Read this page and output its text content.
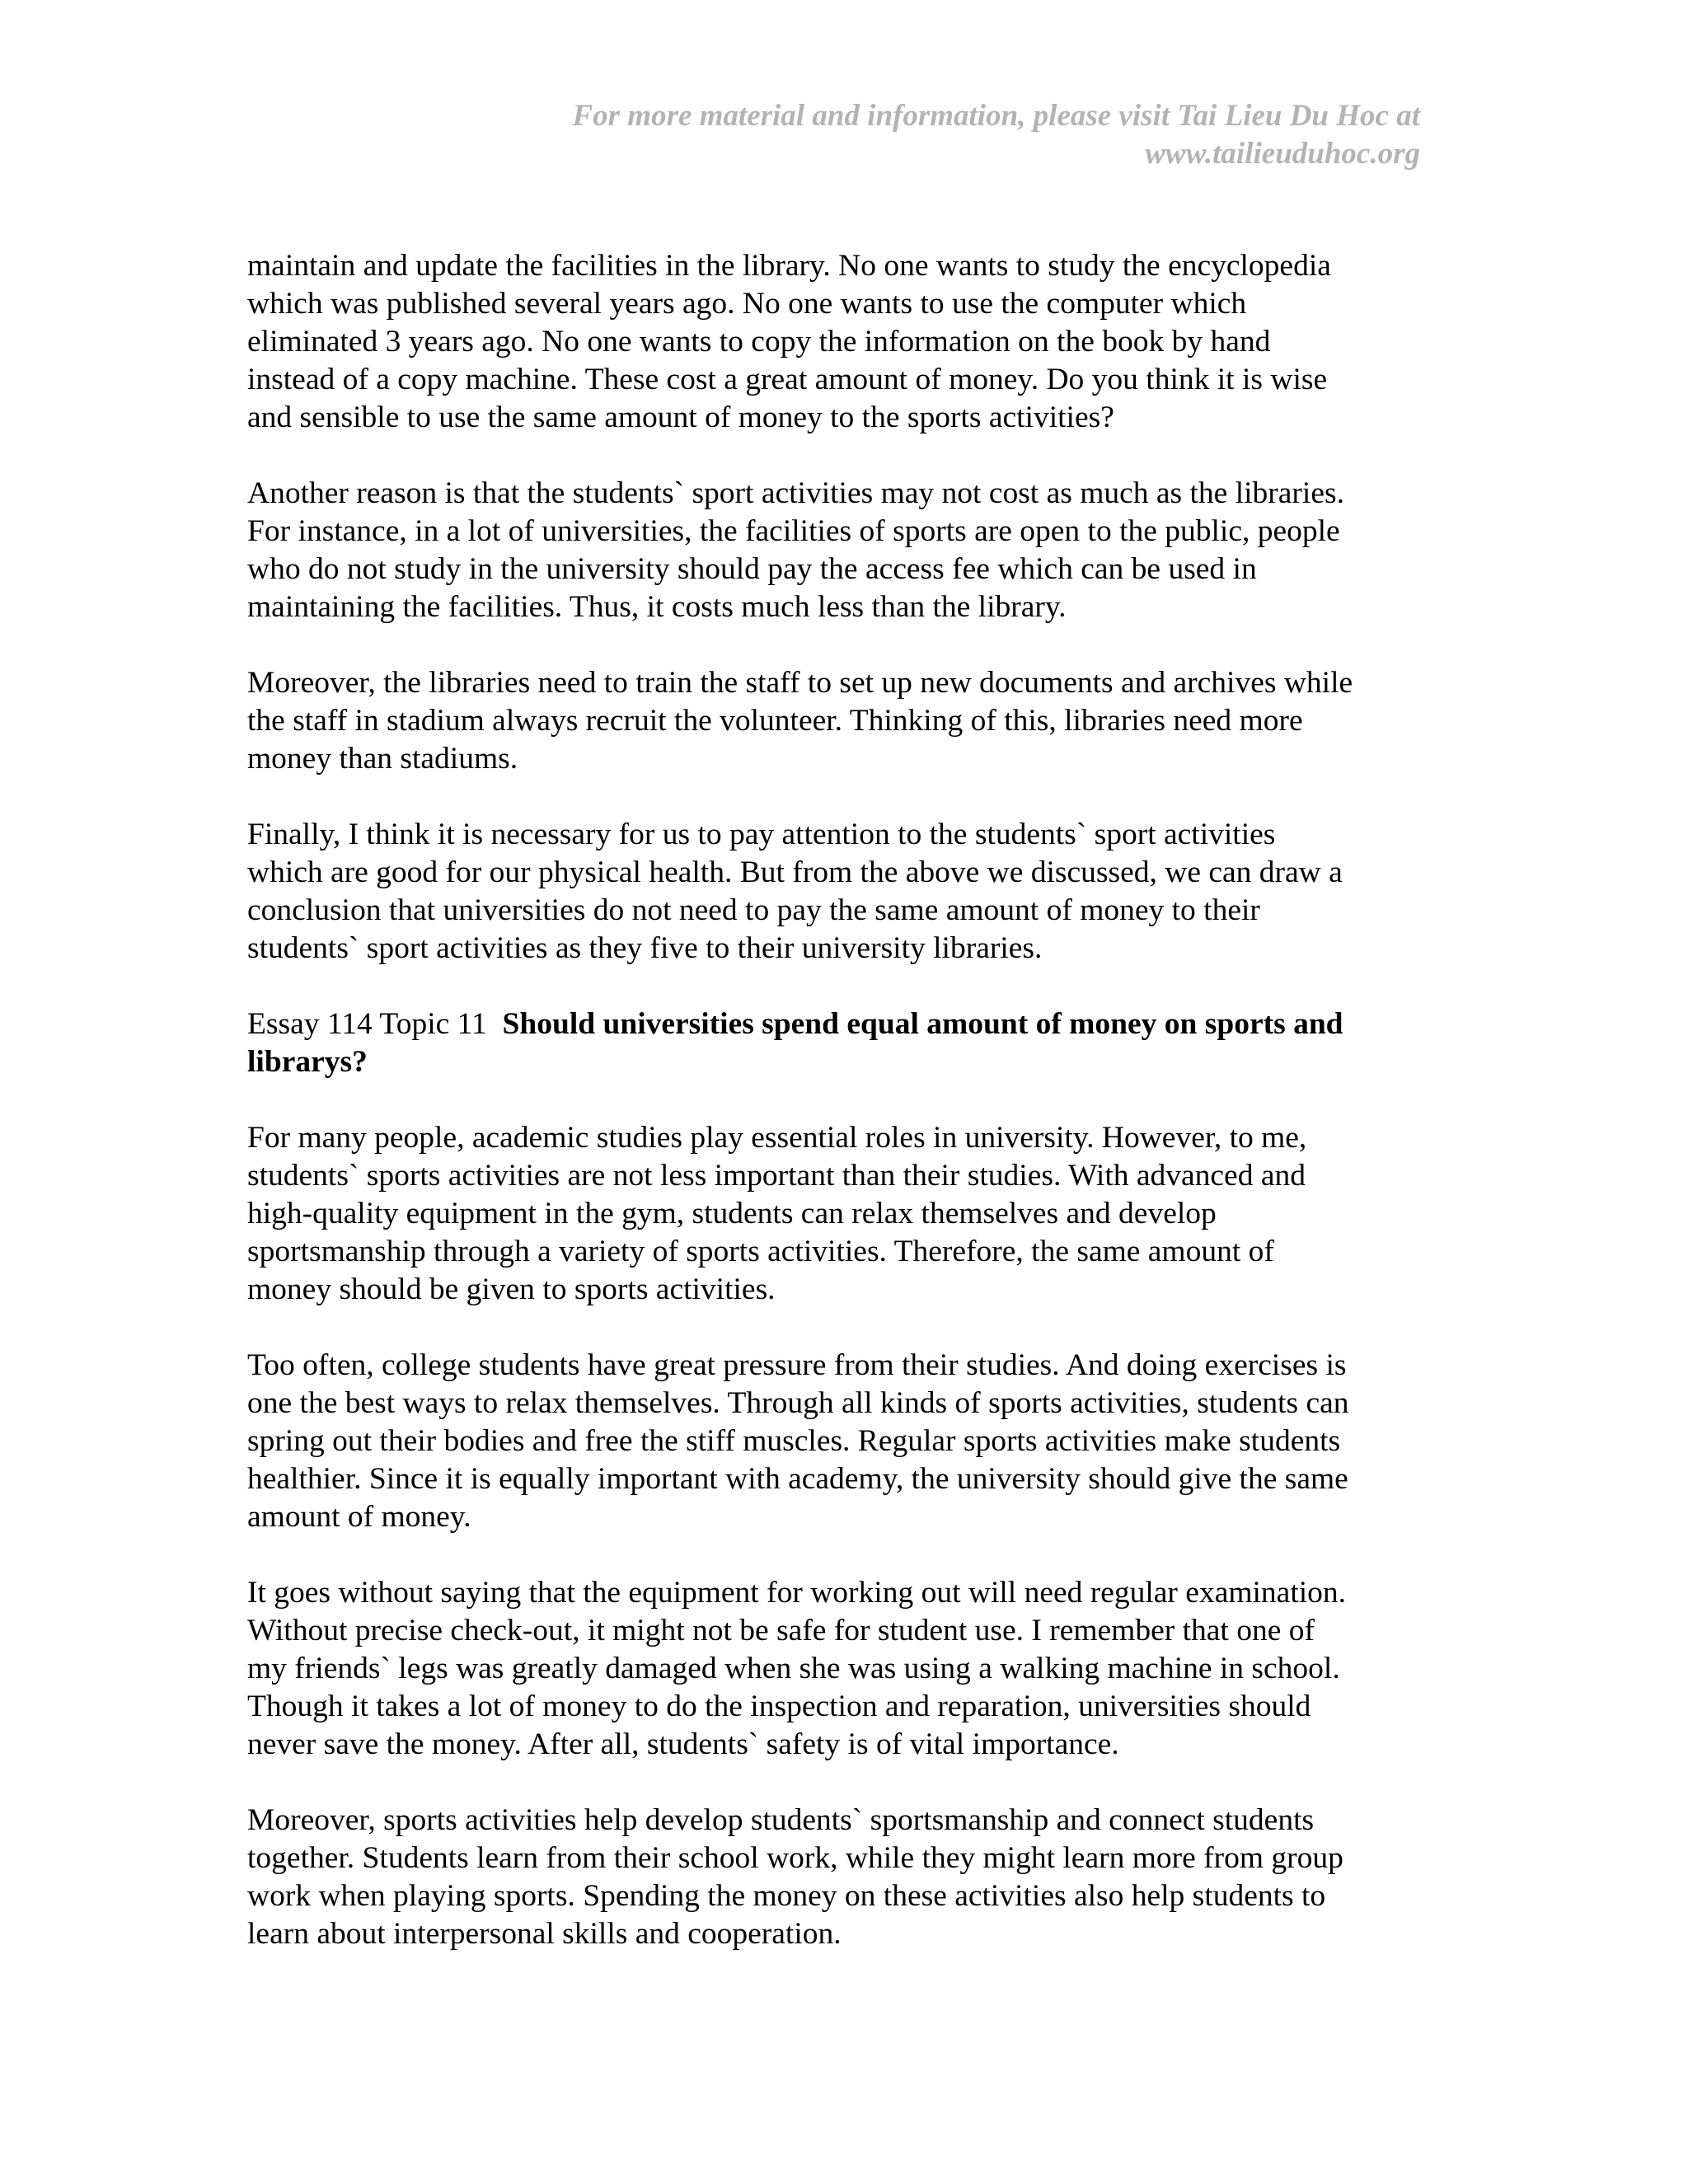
For more material and information, please visit Tai Lieu Du Hoc at
www.tailieuduhoc.org
maintain and update the facilities in the library. No one wants to study the encyclopedia
which was published several years ago. No one wants to use the computer which
eliminated 3 years ago. No one wants to copy the information on the book by hand
instead of a copy machine. These cost a great amount of money. Do you think it is wise
and sensible to use the same amount of money to the sports activities?
Another reason is that the students` sport activities may not cost as much as the libraries.
For instance, in a lot of universities, the facilities of sports are open to the public, people
who do not study in the university should pay the access fee which can be used in
maintaining the facilities. Thus, it costs much less than the library.
Moreover, the libraries need to train the staff to set up new documents and archives while
the staff in stadium always recruit the volunteer. Thinking of this, libraries need more
money than stadiums.
Finally, I think it is necessary for us to pay attention to the students` sport activities
which are good for our physical health. But from the above we discussed, we can draw a
conclusion that universities do not need to pay the same amount of money to their
students` sport activities as they five to their university libraries.
Essay 114 Topic 11 Should universities spend equal amount of money on sports and
librarys?
For many people, academic studies play essential roles in university. However, to me,
students` sports activities are not less important than their studies. With advanced and
high-quality equipment in the gym, students can relax themselves and develop
sportsmanship through a variety of sports activities. Therefore, the same amount of
money should be given to sports activities.
Too often, college students have great pressure from their studies. And doing exercises is
one the best ways to relax themselves. Through all kinds of sports activities, students can
spring out their bodies and free the stiff muscles. Regular sports activities make students
healthier. Since it is equally important with academy, the university should give the same
amount of money.
It goes without saying that the equipment for working out will need regular examination.
Without precise check-out, it might not be safe for student use. I remember that one of
my friends` legs was greatly damaged when she was using a walking machine in school.
Though it takes a lot of money to do the inspection and reparation, universities should
never save the money. After all, students` safety is of vital importance.
Moreover, sports activities help develop students` sportsmanship and connect students
together. Students learn from their school work, while they might learn more from group
work when playing sports. Spending the money on these activities also help students to
learn about interpersonal skills and cooperation.
